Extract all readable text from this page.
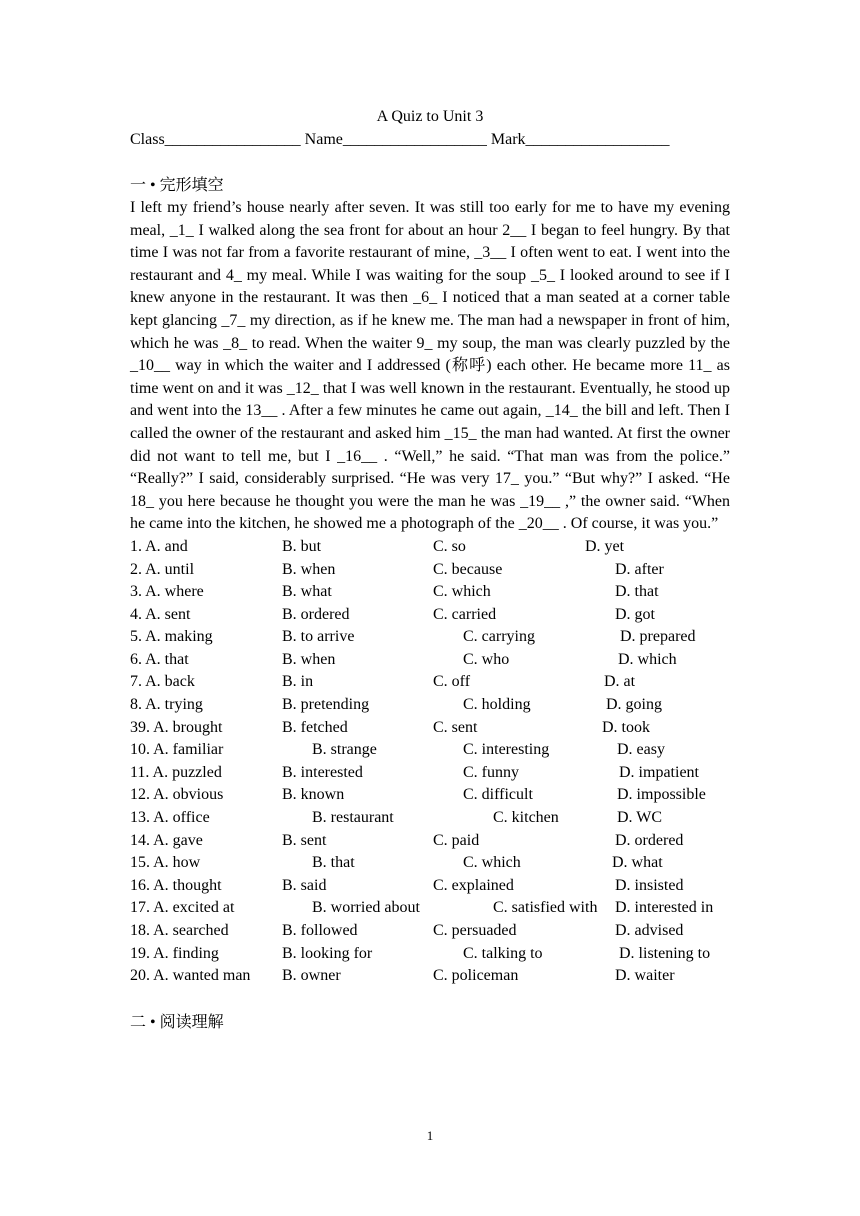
A Quiz to Unit 3
Class_________________ Name__________________ Mark__________________
一 • 完形填空
I left my friend’s house nearly after seven. It was still too early for me to have my evening meal, _1_ I walked along the sea front for about an hour 2__ I began to feel hungry. By that time I was not far from a favorite restaurant of mine, _3__ I often went to eat. I went into the restaurant and 4_ my meal. While I was waiting for the soup _5_ I looked around to see if I knew anyone in the restaurant. It was then _6_ I noticed that a man seated at a corner table kept glancing _7_ my direction, as if he knew me. The man had a newspaper in front of him, which he was _8_ to read. When the waiter 9_ my soup, the man was clearly puzzled by the _10__ way in which the waiter and I addressed (称呼) each other. He became more 11_ as time went on and it was _12_ that I was well known in the restaurant. Eventually, he stood up and went into the 13__ . After a few minutes he came out again, _14_ the bill and left. Then I called the owner of the restaurant and asked him _15_ the man had wanted. At first the owner did not want to tell me, but I _16__ . “Well,” he said. “That man was from the police.” “Really?” I said, considerably surprised. “He was very 17_ you.” “But why?” I asked. “He 18_ you here because he thought you were the man he was _19__ ,” the owner said. “When he came into the kitchen, he showed me a photograph of the _20__ . Of course, it was you.”
1. A. and	B. but	C. so	D. yet
2. A. until	B. when	C. because	D. after
3. A. where	B. what	C. which	D. that
4. A. sent	B. ordered	C. carried	D. got
5. A. making	B. to arrive	C. carrying	D. prepared
6. A. that	B. when	C. who	D. which
7. A. back	B. in	C. off	D. at
8. A. trying	B. pretending	C. holding	D. going
39. A. brought	B. fetched	C. sent	D. took
10. A. familiar	B. strange	C. interesting	D. easy
11. A. puzzled	B. interested	C. funny	D. impatient
12. A. obvious	B. known	C. difficult	D. impossible
13. A. office	B. restaurant	C. kitchen	D. WC
14. A. gave	B. sent	C. paid	D. ordered
15. A. how	B. that	C. which	D. what
16. A. thought	B. said	C. explained	D. insisted
17. A. excited at	B. worried about	C. satisfied with D. interested in
18. A. searched	B. followed	C. persuaded	D. advised
19. A. finding	B. looking for	C. talking to	D. listening to
20. A. wanted man B. owner	C. policeman	D. waiter
二 • 阅读理解
1
